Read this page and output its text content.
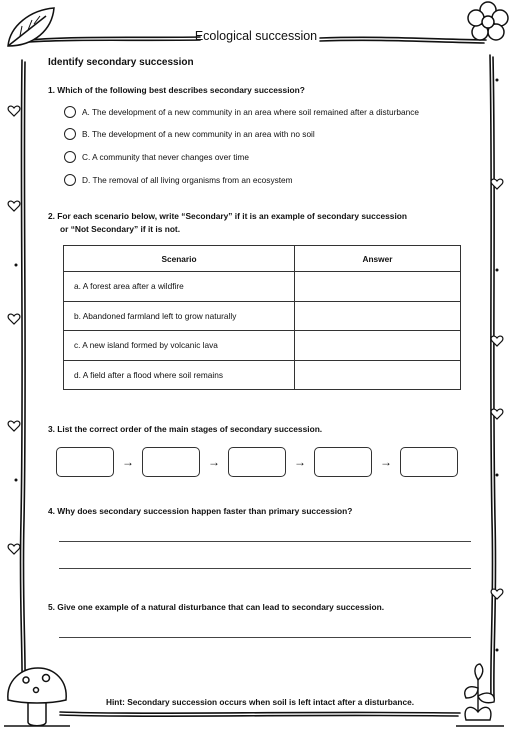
Ecological succession
Identify secondary succession
1. Which of the following best describes secondary succession?
A. The development of a new community in an area where soil remained after a disturbance
B. The development of a new community in an area with no soil
C. A community that never changes over time
D. The removal of all living organisms from an ecosystem
2. For each scenario below, write “Secondary” if it is an example of secondary succession
or “Not Secondary” if it is not.
Scenario	Answer
a. A forest area after a wildfire	
b. Abandoned farmland left to grow naturally	
c. A new island formed by volcanic lava	
d. A field after a flood where soil remains	
3. List the correct order of the main stages of secondary succession.
→	→	→	→
4. Why does secondary succession happen faster than primary succession?
5. Give one example of a natural disturbance that can lead to secondary succession.
Hint: Secondary succession occurs when soil is left intact after a disturbance.
